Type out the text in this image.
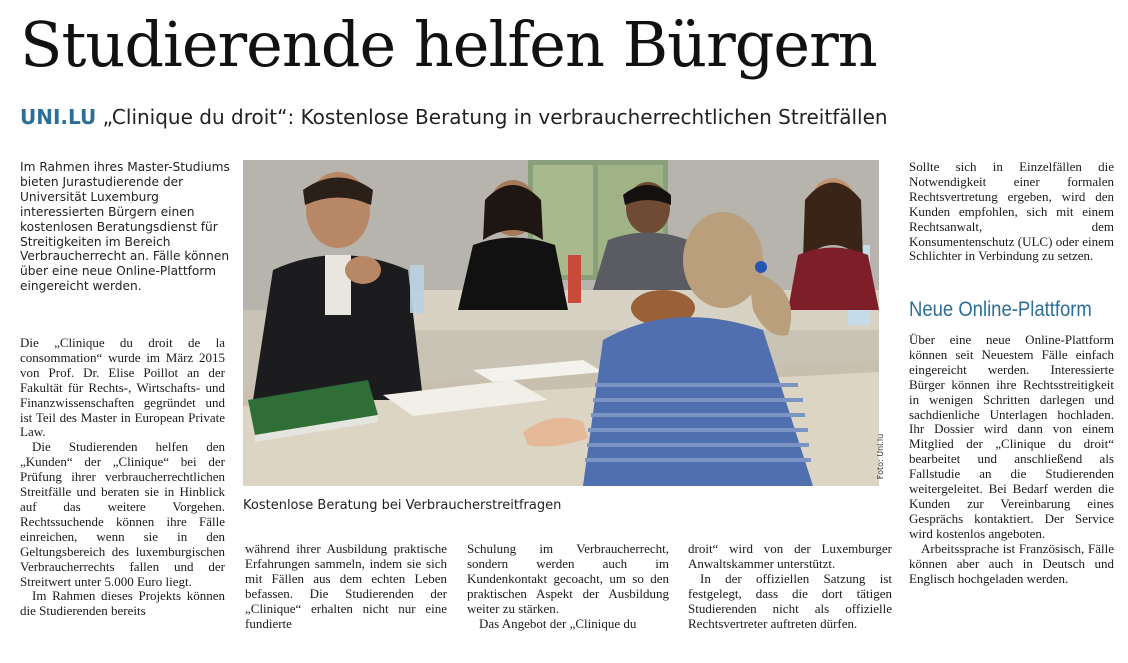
Studierende helfen Bürgern
UNI.LU „Clinique du droit“: Kostenlose Beratung in verbraucherrechtlichen Streitfällen
Im Rahmen ihres Master-Studiums bieten Jurastudierende der Universität Luxemburg interessierten Bürgern einen kostenlosen Beratungsdienst für Streitigkeiten im Bereich Verbraucherrecht an. Fälle können über eine neue Online-Plattform eingereicht werden.

Die „Clinique du droit de la consommation“ wurde im März 2015 von Prof. Dr. Elise Poillot an der Fakultät für Rechts-, Wirtschafts- und Finanzwissenschaften gegründet und ist Teil des Master in European Private Law.

Die Studierenden helfen den „Kunden“ der „Clinique“ bei der Prüfung ihrer verbraucherrechtlichen Streitfälle und beraten sie in Hinblick auf das weitere Vorgehen. Rechtssuchende können ihre Fälle einreichen, wenn sie in den Geltungsbereich des luxemburgischen Verbraucherrechts fallen und der Streitwert unter 5.000 Euro liegt.

Im Rahmen dieses Projekts können die Studierenden bereits

Foto: Uni.lu
Kostenlose Beratung bei Verbraucherstreitfragen

während ihrer Ausbildung praktische Erfahrungen sammeln, indem sie sich mit Fällen aus dem echten Leben befassen. Die Studierenden der „Clinique“ erhalten nicht nur eine fundierte

Schulung im Verbraucherrecht, sondern werden auch im Kundenkontakt gecoacht, um so den praktischen Aspekt der Ausbildung weiter zu stärken.

Das Angebot der „Clinique du

droit“ wird von der Luxemburger Anwaltskammer unterstützt.

In der offiziellen Satzung ist festgelegt, dass die dort tätigen Studierenden nicht als offizielle Rechtsvertreter auftreten dürfen.

Sollte sich in Einzelfällen die Notwendigkeit einer formalen Rechtsvertretung ergeben, wird den Kunden empfohlen, sich mit einem Rechtsanwalt, dem Konsumentenschutz (ULC) oder einem Schlichter in Verbindung zu setzen.

Neue Online-Plattform

Über eine neue Online-Plattform können seit Neuestem Fälle einfach eingereicht werden. Interessierte Bürger können ihre Rechtsstreitigkeit in wenigen Schritten darlegen und sachdienliche Unterlagen hochladen. Ihr Dossier wird dann von einem Mitglied der „Clinique du droit“ bearbeitet und anschließend als Fallstudie an die Studierenden weitergeleitet. Bei Bedarf werden die Kunden zur Vereinbarung eines Gesprächs kontaktiert. Der Service wird kostenlos angeboten.

Arbeitssprache ist Französisch, Fälle können aber auch in Deutsch und Englisch hochgeladen werden.
